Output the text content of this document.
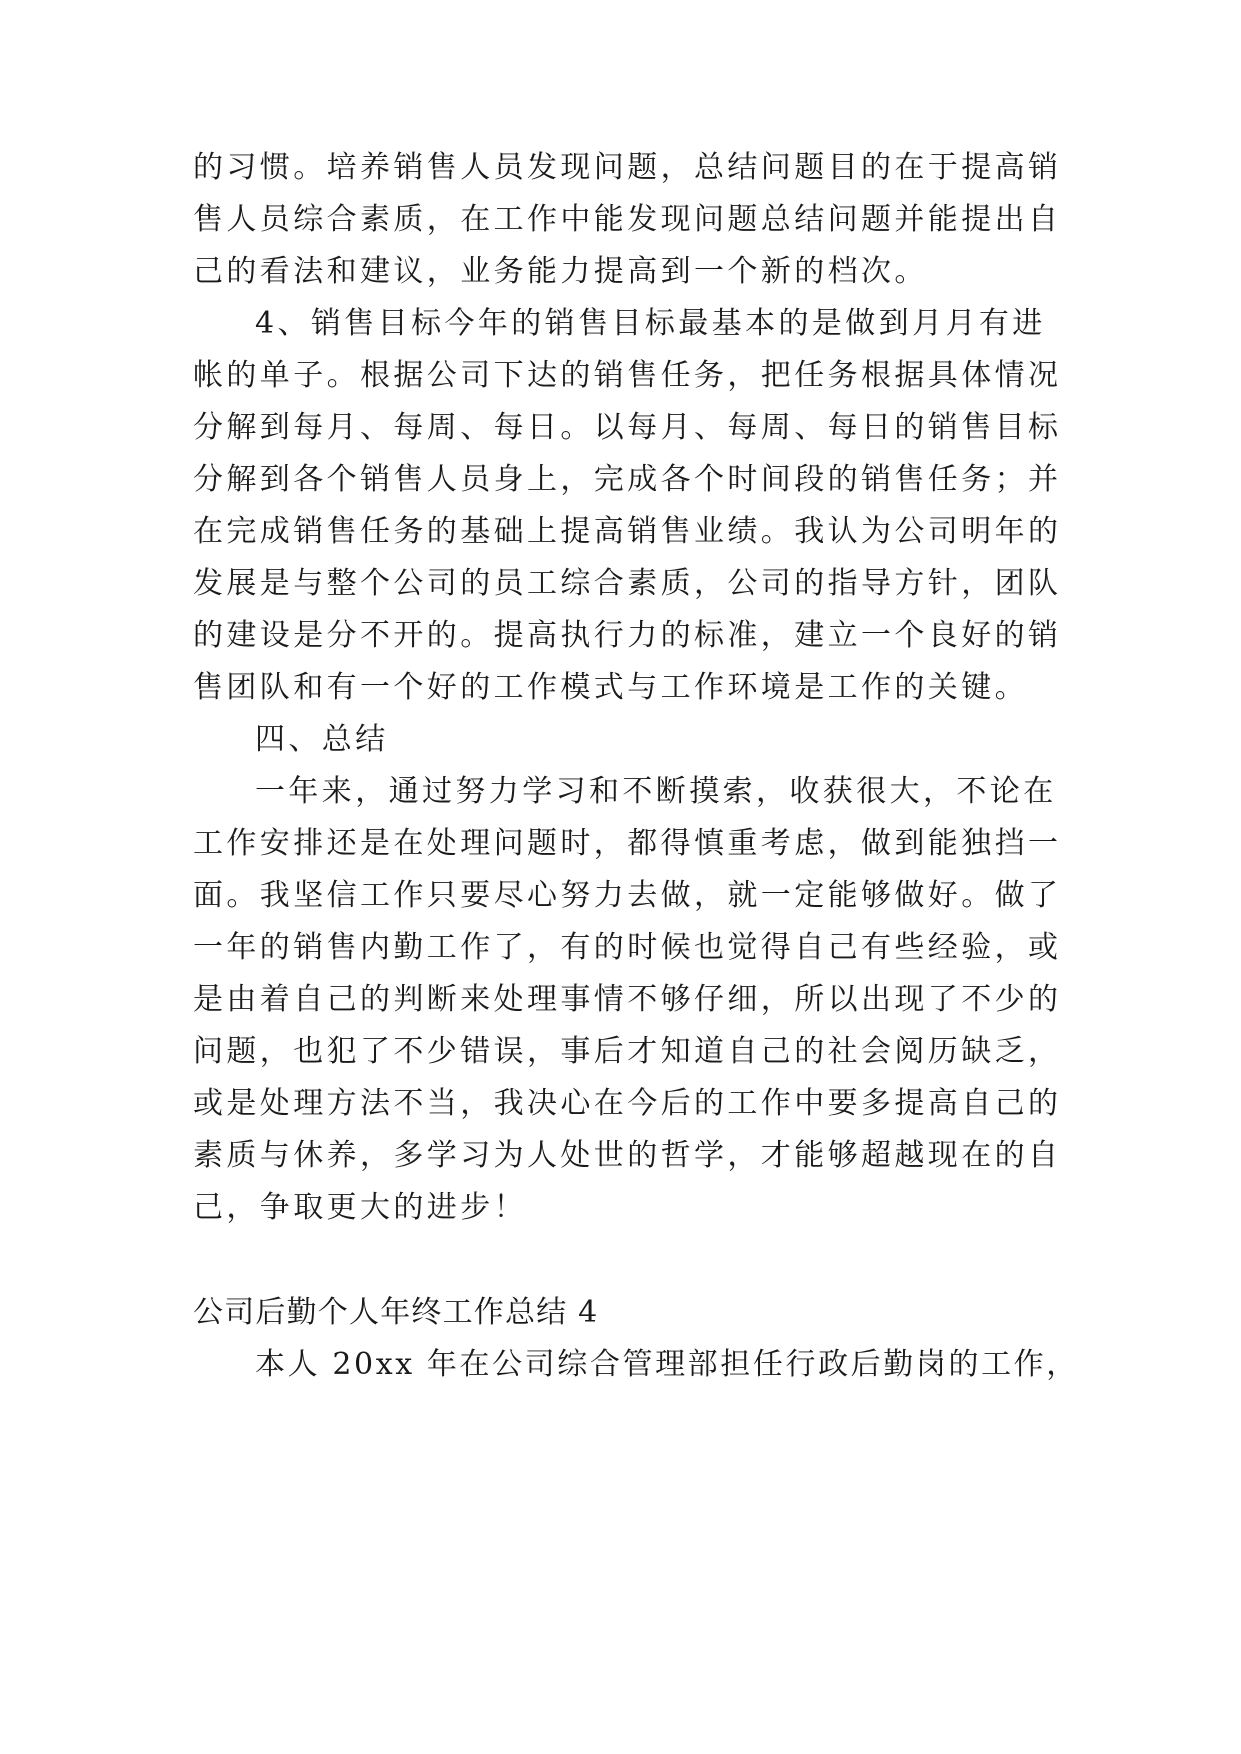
的习惯。培养销售人员发现问题，总结问题目的在于提高销
售人员综合素质，在工作中能发现问题总结问题并能提出自
己的看法和建议，业务能力提高到一个新的档次。
4、销售目标今年的销售目标最基本的是做到月月有进
帐的单子。根据公司下达的销售任务，把任务根据具体情况
分解到每月、每周、每日。以每月、每周、每日的销售目标
分解到各个销售人员身上，完成各个时间段的销售任务；并
在完成销售任务的基础上提高销售业绩。我认为公司明年的
发展是与整个公司的员工综合素质，公司的指导方针，团队
的建设是分不开的。提高执行力的标准，建立一个良好的销
售团队和有一个好的工作模式与工作环境是工作的关键。
四、总结
一年来，通过努力学习和不断摸索，收获很大，不论在
工作安排还是在处理问题时，都得慎重考虑，做到能独挡一
面。我坚信工作只要尽心努力去做，就一定能够做好。做了
一年的销售内勤工作了，有的时候也觉得自己有些经验，或
是由着自己的判断来处理事情不够仔细，所以出现了不少的
问题，也犯了不少错误，事后才知道自己的社会阅历缺乏，
或是处理方法不当，我决心在今后的工作中要多提高自己的
素质与休养，多学习为人处世的哲学，才能够超越现在的自
己，争取更大的进步！
公司后勤个人年终工作总结 4
本人 20xx 年在公司综合管理部担任行政后勤岗的工作，
